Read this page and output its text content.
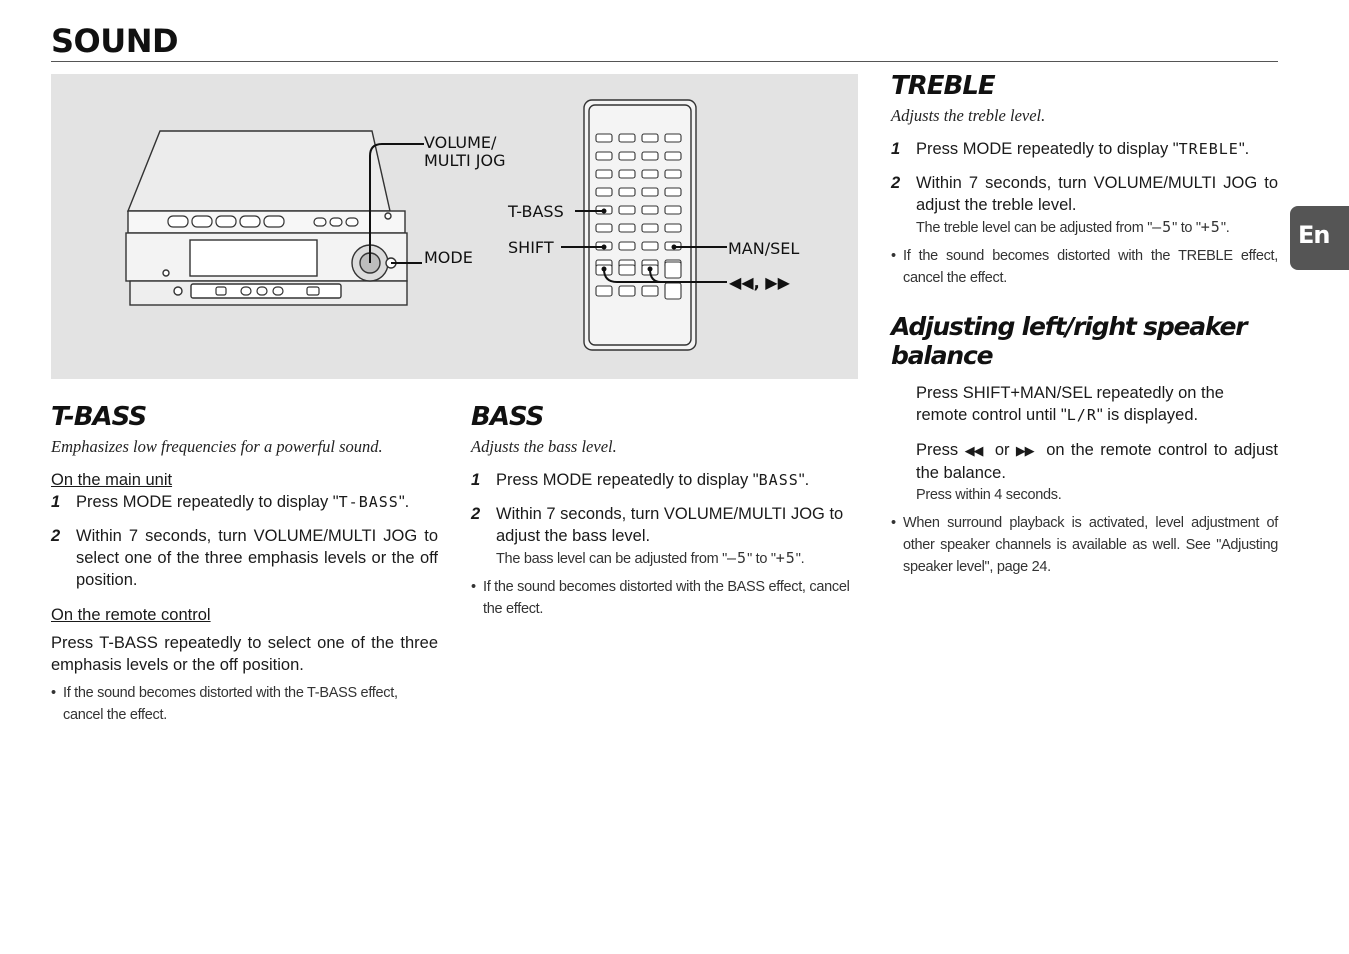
SOUND
VOLUME/
MULTI JOG
MODE
T-BASS
SHIFT	MAN/SEL
◀◀, ▶▶
T-BASS
Emphasizes low frequencies for a powerful sound.
On the main unit
1 Press MODE repeatedly to display "T-BASS".
2 Within 7 seconds, turn VOLUME/MULTI JOG to select one of the three emphasis levels or the off position.
On the remote control
Press T-BASS repeatedly to select one of the three emphasis levels or the off position.
• If the sound becomes distorted with the T-BASS effect, cancel the effect.
BASS
Adjusts the bass level.
1 Press MODE repeatedly to display "BASS".
2 Within 7 seconds, turn VOLUME/MULTI JOG to adjust the bass level.
The bass level can be adjusted from "–5" to "+5".
• If the sound becomes distorted with the BASS effect, cancel the effect.
TREBLE
Adjusts the treble level.
1 Press MODE repeatedly to display "TREBLE".
2 Within 7 seconds, turn VOLUME/MULTI JOG to adjust the treble level.
The treble level can be adjusted from "–5" to "+5".
• If the sound becomes distorted with the TREBLE effect, cancel the effect.
Adjusting left/right speaker balance
Press SHIFT+MAN/SEL repeatedly on the remote control until "L/R" is displayed.
Press ◀◀ or ▶▶ on the remote control to adjust the balance.
Press within 4 seconds.
• When surround playback is activated, level adjustment of other speaker channels is available as well. See "Adjusting speaker level", page 24.
En
